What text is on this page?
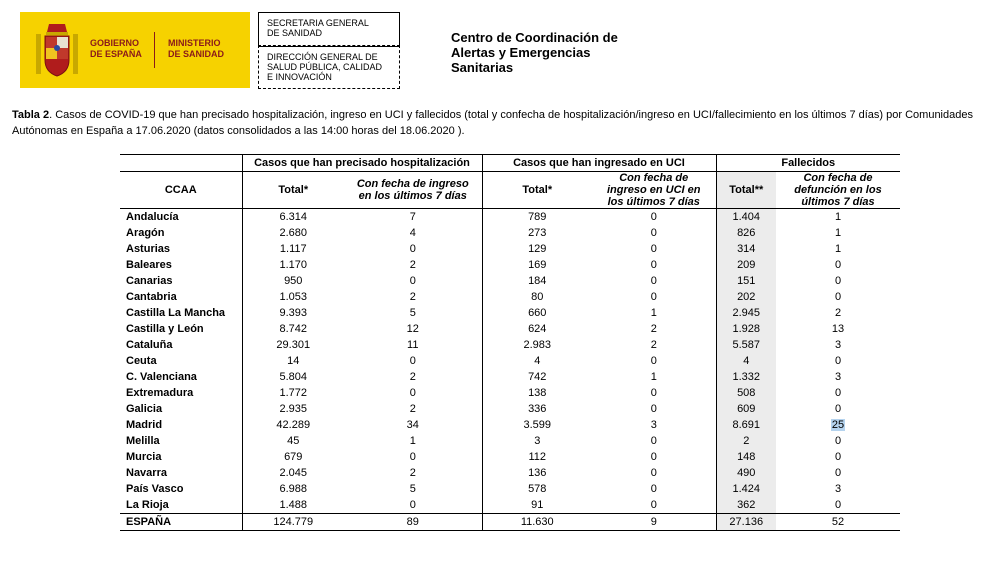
GOBIERNO
DE ESPAÑA
MINISTERIO
DE SANIDAD
SECRETARIA GENERAL
DE SANIDAD
DIRECCIÓN GENERAL DE
SALUD PÚBLICA, CALIDAD
E INNOVACIÓN
Centro de Coordinación de
Alertas y Emergencias
Sanitarias
Tabla 2. Casos de COVID-19 que han precisado hospitalización, ingreso en UCI y fallecidos (total y confecha de hospitalización/ingreso en UCI/fallecimiento en los últimos 7 días) por Comunidades Autónomas en España a 17.06.2020 (datos consolidados a las 14:00 horas del 18.06.2020 ).
	Casos que han precisado hospitalización		Casos que han ingresado en UCI		Fallecidos	
CCAA	Total*	Con fecha de ingreso en los últimos 7 días	Total*	Con fecha de ingreso en UCI en los últimos 7 días	Total**	Con fecha de defunción en los últimos 7 días
Andalucía	6.314	7	789	0	1.404	1
Aragón	2.680	4	273	0	826	1
Asturias	1.117	0	129	0	314	1
Baleares	1.170	2	169	0	209	0
Canarias	950	0	184	0	151	0
Cantabria	1.053	2	80	0	202	0
Castilla La Mancha	9.393	5	660	1	2.945	2
Castilla y León	8.742	12	624	2	1.928	13
Cataluña	29.301	11	2.983	2	5.587	3
Ceuta	14	0	4	0	4	0
C. Valenciana	5.804	2	742	1	1.332	3
Extremadura	1.772	0	138	0	508	0
Galicia	2.935	2	336	0	609	0
Madrid	42.289	34	3.599	3	8.691	25
Melilla	45	1	3	0	2	0
Murcia	679	0	112	0	148	0
Navarra	2.045	2	136	0	490	0
País Vasco	6.988	5	578	0	1.424	3
La Rioja	1.488	0	91	0	362	0
ESPAÑA	124.779	89	11.630	9	27.136	52
